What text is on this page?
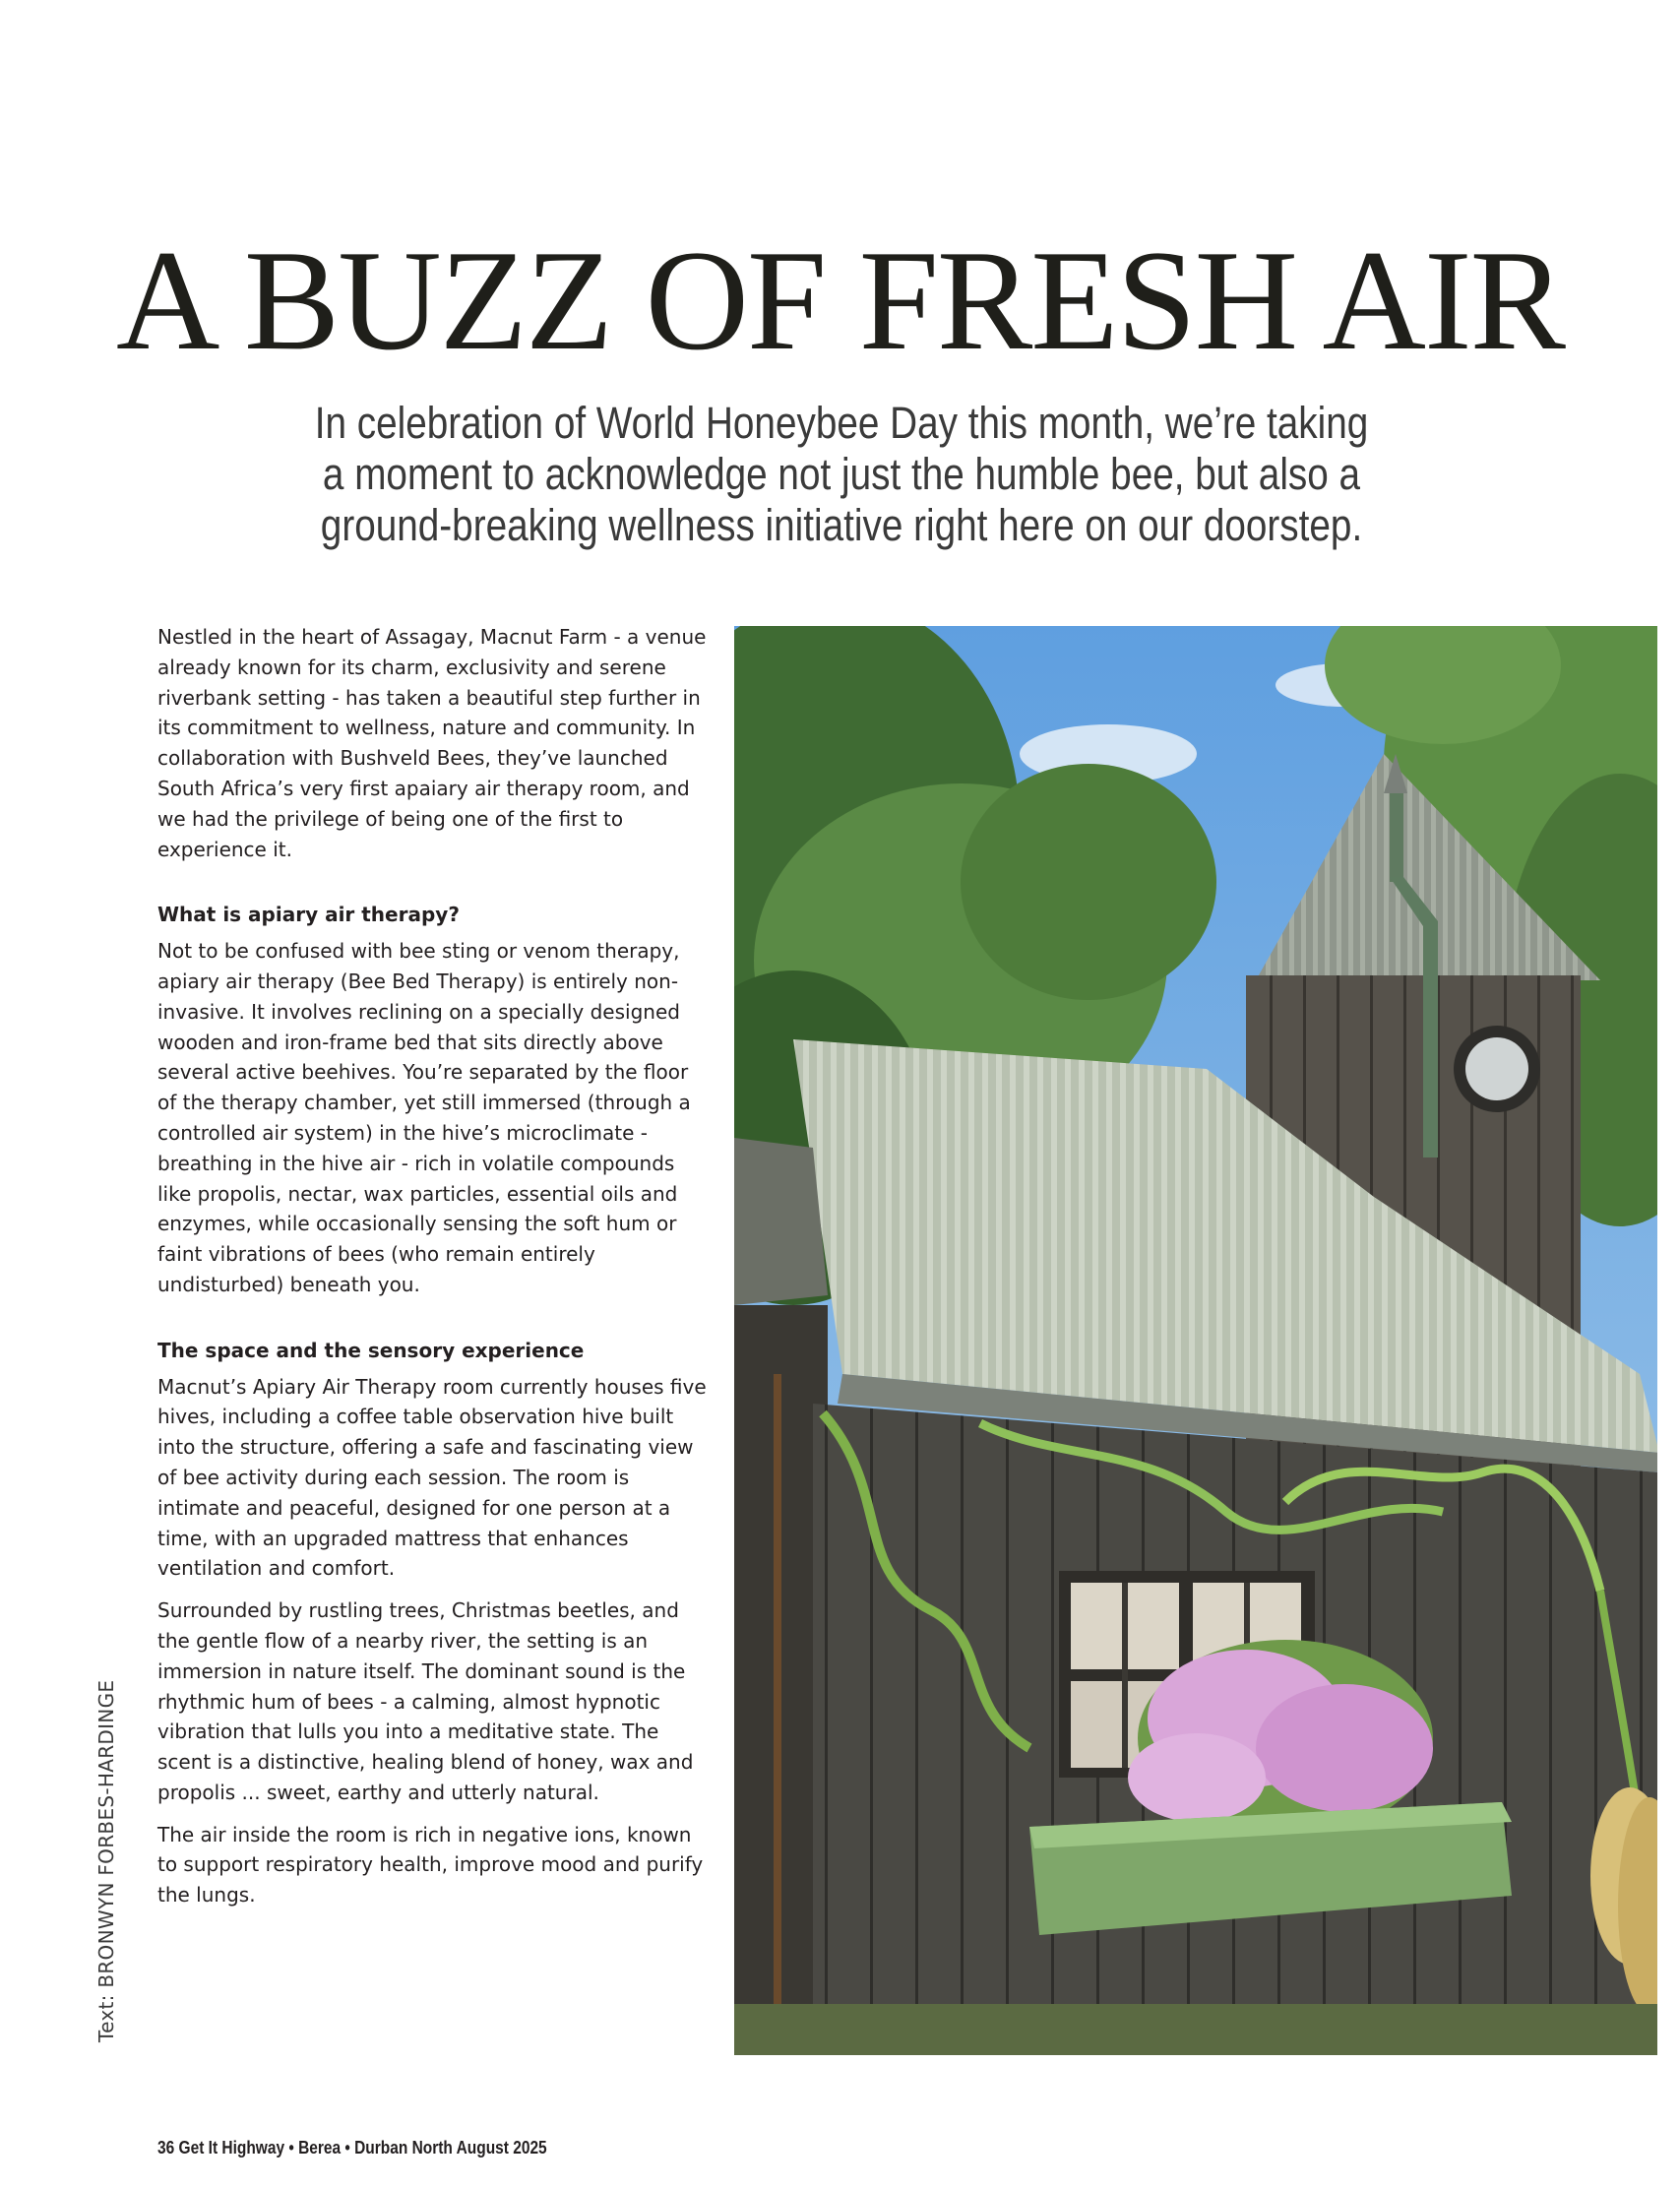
A BUZZ OF FRESH AIR

In celebration of World Honeybee Day this month, we’re taking a moment to acknowledge not just the humble bee, but also a ground-breaking wellness initiative right here on our doorstep.

Nestled in the heart of Assagay, Macnut Farm - a venue already known for its charm, exclusivity and serene riverbank setting - has taken a beautiful step further in its commitment to wellness, nature and community. In collaboration with Bushveld Bees, they’ve launched South Africa’s very first apaiary air therapy room, and we had the privilege of being one of the first to experience it.

What is apiary air therapy?

Not to be confused with bee sting or venom therapy, apiary air therapy (Bee Bed Therapy) is entirely non-invasive. It involves reclining on a specially designed wooden and iron-frame bed that sits directly above several active beehives. You’re separated by the floor of the therapy chamber, yet still immersed (through a controlled air system) in the hive’s microclimate - breathing in the hive air - rich in volatile compounds like propolis, nectar, wax particles, essential oils and enzymes, while occasionally sensing the soft hum or faint vibrations of bees (who remain entirely undisturbed) beneath you.

The space and the sensory experience

Macnut’s Apiary Air Therapy room currently houses five hives, including a coffee table observation hive built into the structure, offering a safe and fascinating view of bee activity during each session. The room is intimate and peaceful, designed for one person at a time, with an upgraded mattress that enhances ventilation and comfort.

Surrounded by rustling trees, Christmas beetles, and the gentle flow of a nearby river, the setting is an immersion in nature itself. The dominant sound is the rhythmic hum of bees - a calming, almost hypnotic vibration that lulls you into a meditative state. The scent is a distinctive, healing blend of honey, wax and propolis ... sweet, earthy and utterly natural.

The air inside the room is rich in negative ions, known to support respiratory health, improve mood and purify the lungs.

Text: BRONWYN FORBES-HARDINGE
36 Get It Highway • Berea • Durban North August 2025
